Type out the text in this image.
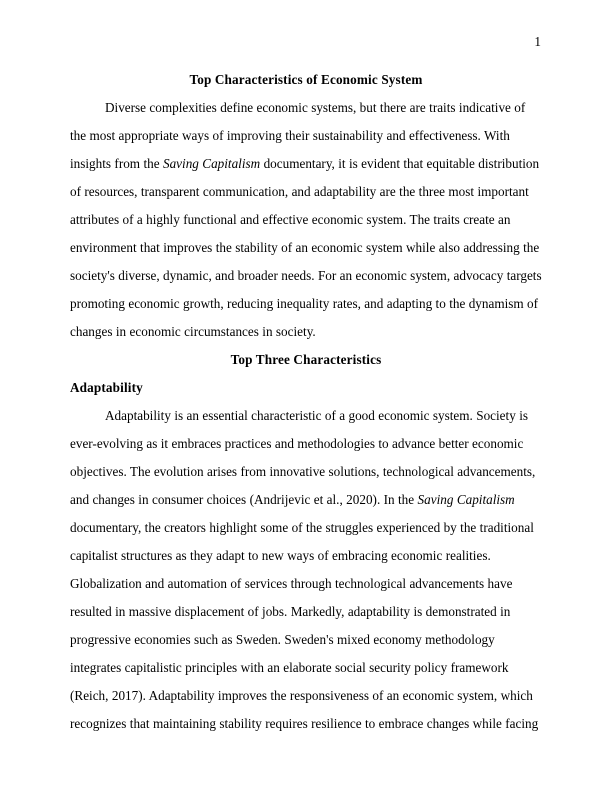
1
Top Characteristics of Economic System

Diverse complexities define economic systems, but there are traits indicative of the most appropriate ways of improving their sustainability and effectiveness. With insights from the Saving Capitalism documentary, it is evident that equitable distribution of resources, transparent communication, and adaptability are the three most important attributes of a highly functional and effective economic system. The traits create an environment that improves the stability of an economic system while also addressing the society's diverse, dynamic, and broader needs. For an economic system, advocacy targets promoting economic growth, reducing inequality rates, and adapting to the dynamism of changes in economic circumstances in society.

Top Three Characteristics
Adaptability

Adaptability is an essential characteristic of a good economic system. Society is ever-evolving as it embraces practices and methodologies to advance better economic objectives. The evolution arises from innovative solutions, technological advancements, and changes in consumer choices (Andrijevic et al., 2020). In the Saving Capitalism documentary, the creators highlight some of the struggles experienced by the traditional capitalist structures as they adapt to new ways of embracing economic realities. Globalization and automation of services through technological advancements have resulted in massive displacement of jobs. Markedly, adaptability is demonstrated in progressive economies such as Sweden. Sweden's mixed economy methodology integrates capitalistic principles with an elaborate social security policy framework (Reich, 2017). Adaptability improves the responsiveness of an economic system, which recognizes that maintaining stability requires resilience to embrace changes while facing
